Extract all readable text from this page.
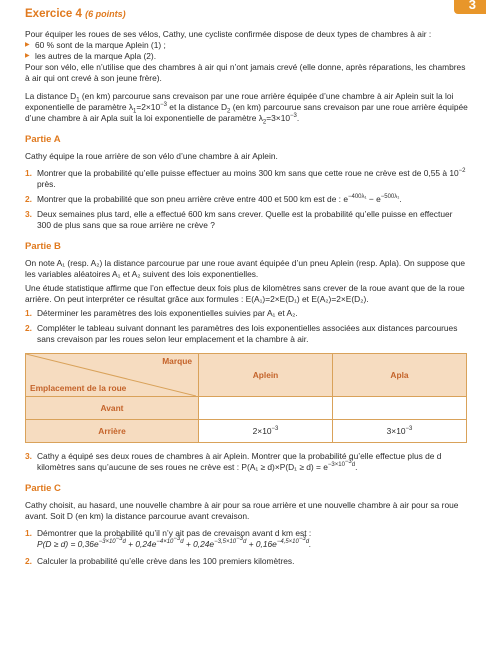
3
Exercice 4 (6 points)

Pour équiper les roues de ses vélos, Cathy, une cycliste confirmée dispose de deux types de chambres à air :

▶ 60 % sont de la marque Aplein (1) ;

▶ les autres de la marque Apla (2).

Pour son vélo, elle n’utilise que des chambres à air qui n’ont jamais crevé (elle donne, après réparations, les chambres à air qui ont crevé à son jeune frère).

La distance $D_1$ (en km) parcourue sans crevaison par une roue arrière équipée d’une chambre à air Aplein suit la loi exponentielle de paramètre $\lambda_1=2\times 10^{-3}$ et la distance $D_2$ (en km) parcourue sans crevaison par une roue arrière équipée d’une chambre à air Apla suit la loi exponentielle de paramètre $\lambda_2=3\times 10^{-3}$.

Partie A

Cathy équipe la roue arrière de son vélo d’une chambre à air Aplein.

1. Montrer que la probabilité qu’elle puisse effectuer au moins 300 km sans que cette roue ne crève est de 0,55 à $10^{-2}$ près.
2. Montrer que la probabilité que son pneu arrière crève entre 400 et 500 km est de : $e^{-400\lambda_1} - e^{-500\lambda_1}$.
3. Deux semaines plus tard, elle a effectué 600 km sans crever. Quelle est la probabilité qu’elle puisse en effectuer 300 de plus sans que sa roue arrière ne crève ?
Partie B

On note A₁ (resp. A₂) la distance parcourue par une roue avant équipée d’un pneu Aplein (resp. Apla). On suppose que les variables aléatoires A₁ et A₂ suivent des lois exponentielles.

Une étude statistique affirme que l’on effectue deux fois plus de kilomètres sans crever de la roue avant que de la roue arrière. On peut interpréter ce résultat grâce aux formules : E(A₁)=2×E(D₁) et E(A₂)=2×E(D₂).

1. Déterminer les paramètres des lois exponentielles suivies par A₁ et A₂.
2. Compléter le tableau suivant donnant les paramètres des lois exponentielles associées aux distances parcourues sans crevaison par les roues selon leur emplacement et la chambre à air.
Marque
Emplacement de la roue	Aplein	Apla

Avant		
Arrière	$2\times 10^{-3}$	$3\times 10^{-3}$
3. Cathy a équipé ses deux roues de chambres à air Aplein. Montrer que la probabilité qu’elle effectue plus de d kilomètres sans qu’aucune de ses roues ne crève est : $P(A_1 \ge d)\times P(D_1 \ge d) = e^{-3\times 10^{-3}d}$.
Partie C

Cathy choisit, au hasard, une nouvelle chambre à air pour sa roue arrière et une nouvelle chambre à air pour sa roue avant. Soit D (en km) la distance parcourue avant crevaison.

1. Démontrer que la probabilité qu’il n’y ait pas de crevaison avant d km est :
$P(D \ge d) = 0,36e^{-3\times 10^{-3}d} + 0,24e^{-4\times 10^{-3}d} + 0,24e^{-3,5\times 10^{-3}d} + 0,16e^{-4,5\times 10^{-3}d}$.
2. Calculer la probabilité qu’elle crève dans les 100 premiers kilomètres.
